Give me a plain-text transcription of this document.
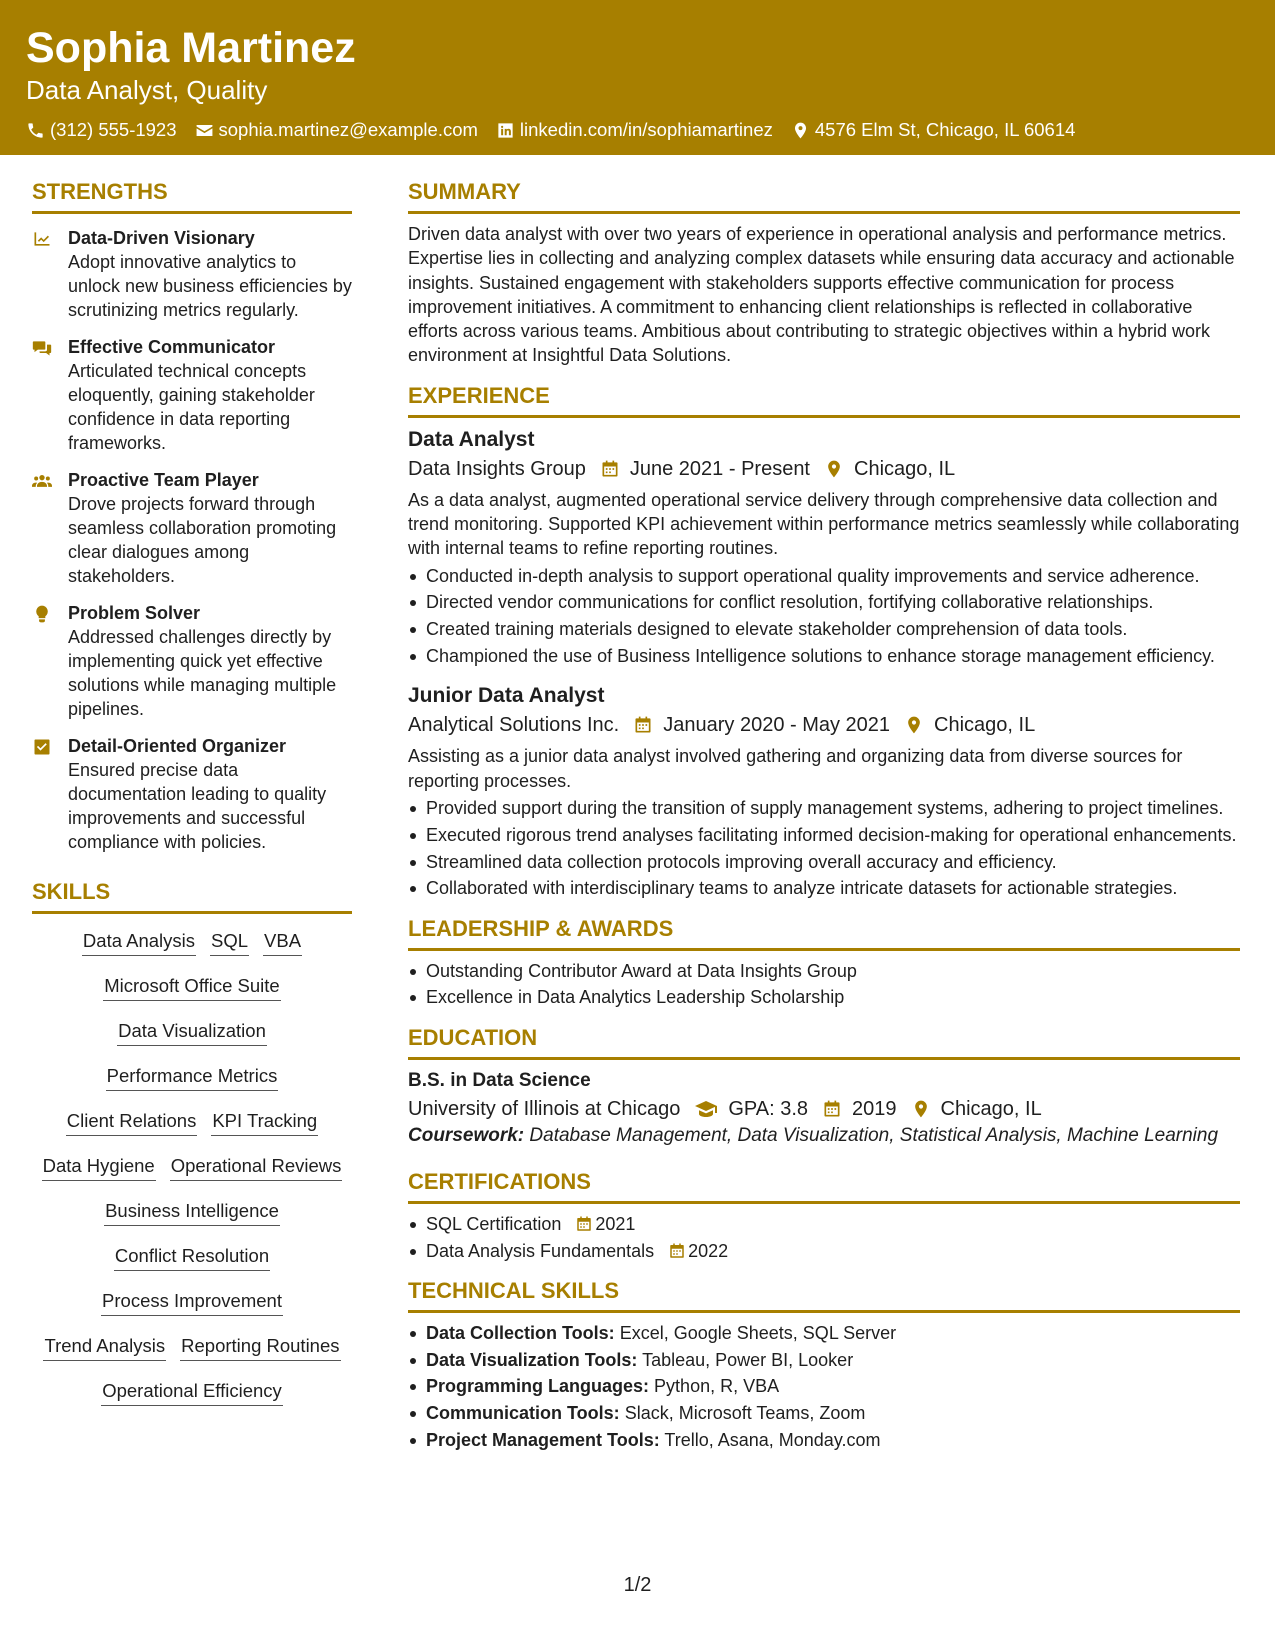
Sophia Martinez
Data Analyst, Quality
(312) 555-1923 sophia.martinez@example.com linkedin.com/in/sophiamartinez 4576 Elm St, Chicago, IL 60614
STRENGTHS
Data-Driven Visionary
Adopt innovative analytics to unlock new business efficiencies by scrutinizing metrics regularly.
Effective Communicator
Articulated technical concepts eloquently, gaining stakeholder confidence in data reporting frameworks.
Proactive Team Player
Drove projects forward through seamless collaboration promoting clear dialogues among stakeholders.
Problem Solver
Addressed challenges directly by implementing quick yet effective solutions while managing multiple pipelines.
Detail-Oriented Organizer
Ensured precise data documentation leading to quality improvements and successful compliance with policies.
SKILLS
Data Analysis SQL VBA
Microsoft Office Suite
Data Visualization
Performance Metrics
Client Relations KPI Tracking
Data Hygiene Operational Reviews
Business Intelligence
Conflict Resolution
Process Improvement
Trend Analysis Reporting Routines
Operational Efficiency
SUMMARY
Driven data analyst with over two years of experience in operational analysis and performance metrics. Expertise lies in collecting and analyzing complex datasets while ensuring data accuracy and actionable insights. Sustained engagement with stakeholders supports effective communication for process improvement initiatives. A commitment to enhancing client relationships is reflected in collaborative efforts across various teams. Ambitious about contributing to strategic objectives within a hybrid work environment at Insightful Data Solutions.
EXPERIENCE
Data Analyst
Data Insights Group June 2021 - Present Chicago, IL
As a data analyst, augmented operational service delivery through comprehensive data collection and trend monitoring. Supported KPI achievement within performance metrics seamlessly while collaborating with internal teams to refine reporting routines.
Conducted in-depth analysis to support operational quality improvements and service adherence.
Directed vendor communications for conflict resolution, fortifying collaborative relationships.
Created training materials designed to elevate stakeholder comprehension of data tools.
Championed the use of Business Intelligence solutions to enhance storage management efficiency.
Junior Data Analyst
Analytical Solutions Inc. January 2020 - May 2021 Chicago, IL
Assisting as a junior data analyst involved gathering and organizing data from diverse sources for reporting processes.
Provided support during the transition of supply management systems, adhering to project timelines.
Executed rigorous trend analyses facilitating informed decision-making for operational enhancements.
Streamlined data collection protocols improving overall accuracy and efficiency.
Collaborated with interdisciplinary teams to analyze intricate datasets for actionable strategies.
LEADERSHIP & AWARDS
Outstanding Contributor Award at Data Insights Group
Excellence in Data Analytics Leadership Scholarship
EDUCATION
B.S. in Data Science
University of Illinois at Chicago GPA: 3.8 2019 Chicago, IL
Coursework: Database Management, Data Visualization, Statistical Analysis, Machine Learning
CERTIFICATIONS
SQL Certification 2021
Data Analysis Fundamentals 2022
TECHNICAL SKILLS
Data Collection Tools: Excel, Google Sheets, SQL Server
Data Visualization Tools: Tableau, Power BI, Looker
Programming Languages: Python, R, VBA
Communication Tools: Slack, Microsoft Teams, Zoom
Project Management Tools: Trello, Asana, Monday.com
1/2
